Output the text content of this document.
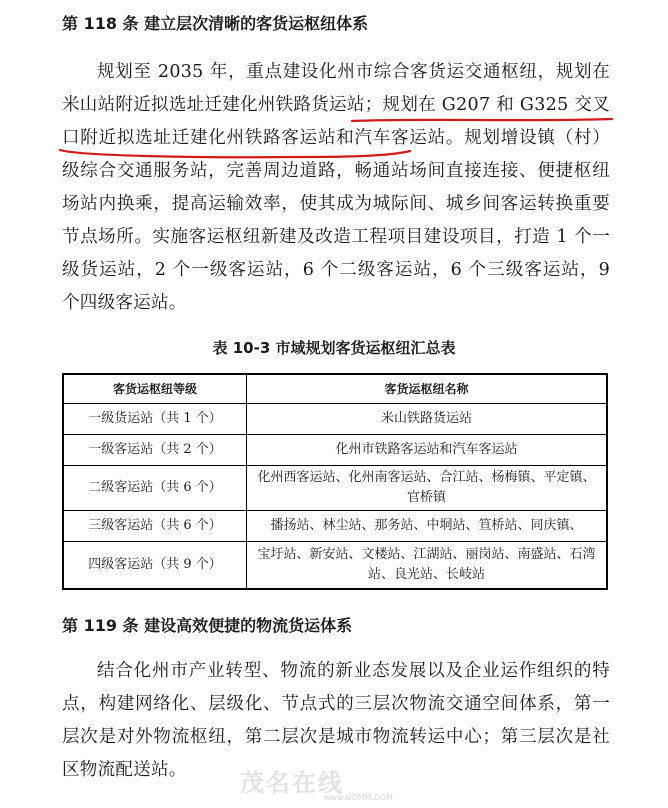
第 118 条 建立层次清晰的客货运枢纽体系
规划至 2035 年，重点建设化州市综合客货运交通枢纽，规划在米山站附近拟选址迁建化州铁路货运站；规划在 G207 和 G325 交叉口附近拟选址迁建化州铁路客运站和汽车客运站。规划增设镇（村）级综合交通服务站，完善周边道路，畅通站场间直接连接、便捷枢纽场站内换乘，提高运输效率，使其成为城际间、城乡间客运转换重要节点场所。实施客运枢纽新建及改造工程项目建设项目，打造 1 个一级货运站，2 个一级客运站，6 个二级客运站，6 个三级客运站，9 个四级客运站。
表 10-3 市域规划客货运枢纽汇总表
客货运枢纽等级	客货运枢纽名称
一级货运站（共 1 个）	米山铁路货运站
一级客运站（共 2 个）	化州市铁路客运站和汽车客运站
二级客运站（共 6 个）	化州西客运站、化州南客运站、合江站、杨梅镇、平定镇、官桥镇
三级客运站（共 6 个）	播扬站、林尘站、那务站、中垌站、笪桥站、同庆镇、
四级客运站（共 9 个）	宝圩站、新安站、文楼站、江湖站、丽岗站、南盛站、石湾站、良光站、长岐站
第 119 条 建设高效便捷的物流货运体系
结合化州市产业转型、物流的新业态发展以及企业运作组织的特点，构建网络化、层级化、节点式的三层次物流交通空间体系，第一层次是对外物流枢纽，第二层次是城市物流转运中心；第三层次是社区物流配送站。	茂名在线
www.GDMM.COM
